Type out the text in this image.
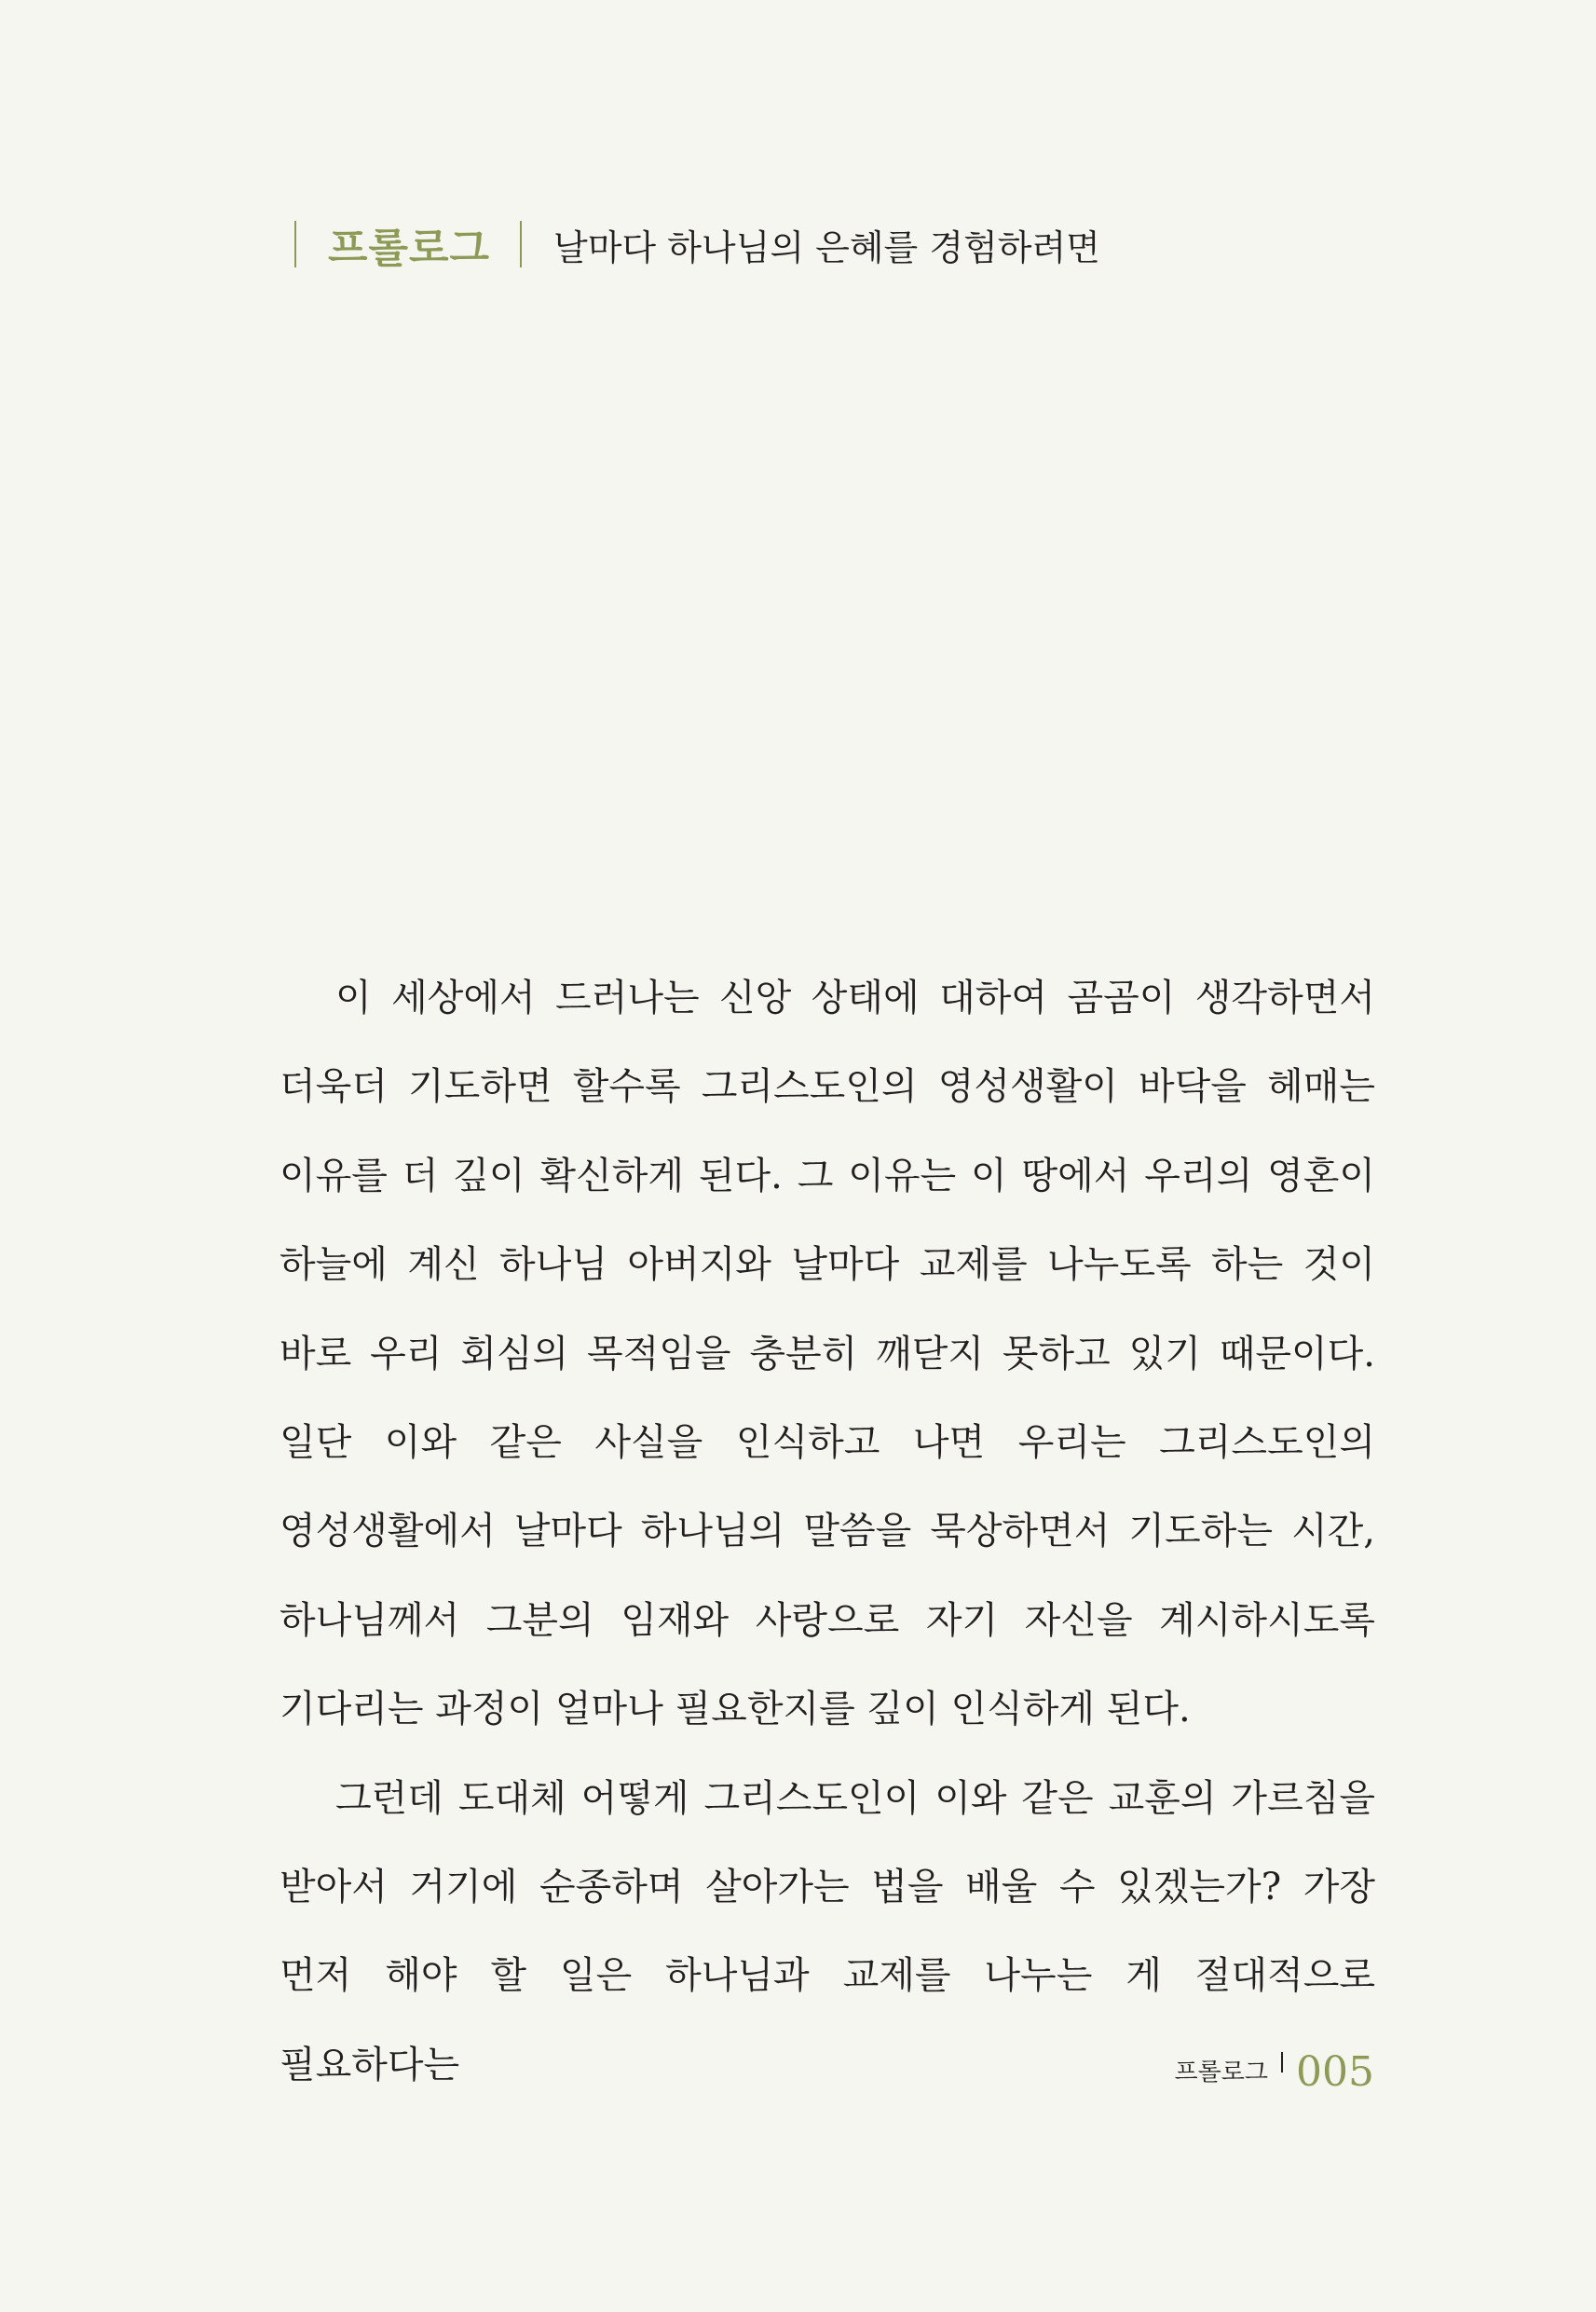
프롤로그 날마다 하나님의 은혜를 경험하려면

이 세상에서 드러나는 신앙 상태에 대하여 곰곰이 생각하면서 더욱더 기도하면 할수록 그리스도인의 영성생활이 바닥을 헤매는 이유를 더 깊이 확신하게 된다. 그 이유는 이 땅에서 우리의 영혼이 하늘에 계신 하나님 아버지와 날마다 교제를 나누도록 하는 것이 바로 우리 회심의 목적임을 충분히 깨닫지 못하고 있기 때문이다. 일단 이와 같은 사실을 인식하고 나면 우리는 그리스도인의 영성생활에서 날마다 하나님의 말씀을 묵상하면서 기도하는 시간, 하나님께서 그분의 임재와 사랑으로 자기 자신을 계시하시도록 기다리는 과정이 얼마나 필요한지를 깊이 인식하게 된다.

그런데 도대체 어떻게 그리스도인이 이와 같은 교훈의 가르침을 받아서 거기에 순종하며 살아가는 법을 배울 수 있겠는가? 가장 먼저 해야 할 일은 하나님과 교제를 나누는 게 절대적으로 필요하다는	프롤로그 005
